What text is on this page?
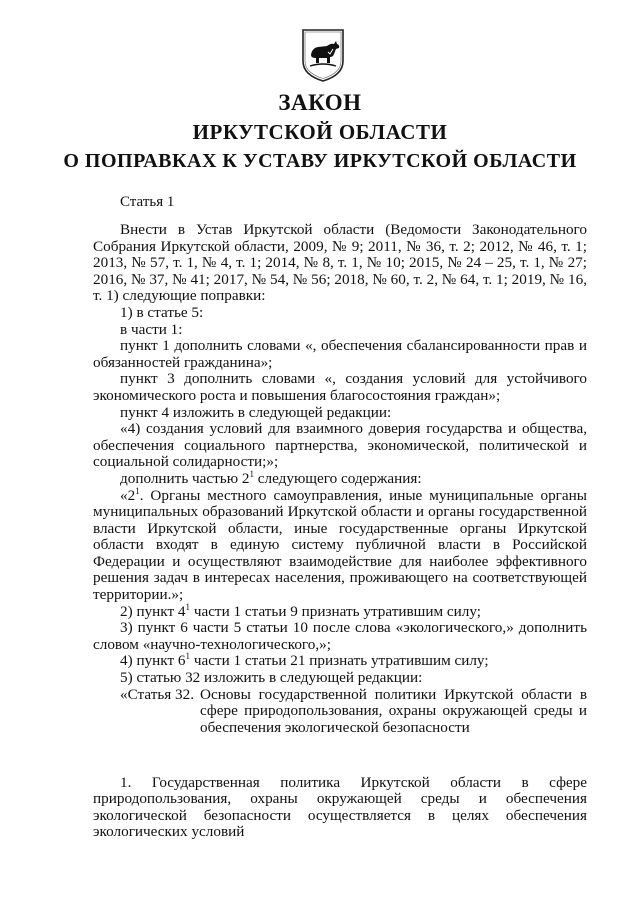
ЗАКОН
ИРКУТСКОЙ ОБЛАСТИ
О ПОПРАВКАХ К УСТАВУ ИРКУТСКОЙ ОБЛАСТИ
Статья 1

Внести в Устав Иркутской области (Ведомости Законодательного Собрания Иркутской области, 2009, № 9; 2011, № 36, т. 2; 2012, № 46, т. 1; 2013, № 57, т. 1, № 4, т. 1; 2014, № 8, т. 1, № 10; 2015, № 24 – 25, т. 1, № 27; 2016, № 37, № 41; 2017, № 54, № 56; 2018, № 60, т. 2, № 64, т. 1; 2019, № 16, т. 1) следующие поправки:

1) в статье 5:

в части 1:

пункт 1 дополнить словами «, обеспечения сбалансированности прав и обязанностей гражданина»;

пункт 3 дополнить словами «, создания условий для устойчивого экономического роста и повышения благосостояния граждан»;

пункт 4 изложить в следующей редакции:

«4) создания условий для взаимного доверия государства и общества, обеспечения социального партнерства, экономической, политической и социальной солидарности;»;

дополнить частью $2^1$ следующего содержания:

«$2^1$. Органы местного самоуправления, иные муниципальные органы муниципальных образований Иркутской области и органы государственной власти Иркутской области, иные государственные органы Иркутской области входят в единую систему публичной власти в Российской Федерации и осуществляют взаимодействие для наиболее эффективного решения задач в интересах населения, проживающего на соответствующей территории.»;

2) пункт $4^1$ части 1 статьи 9 признать утратившим силу;

3) пункт 6 части 5 статьи 10 после слова «экологического,» дополнить словом «научно-технологического,»;

4) пункт $6^1$ части 1 статьи 21 признать утратившим силу;

5) статью 32 изложить в следующей редакции:

«Статья 32. Основы государственной политики Иркутской области в сфере природопользования, охраны окружающей среды и обеспечения экологической безопасности

1. Государственная политика Иркутской области в сфере природопользования, охраны окружающей среды и обеспечения экологической безопасности осуществляется в целях обеспечения экологических условий
